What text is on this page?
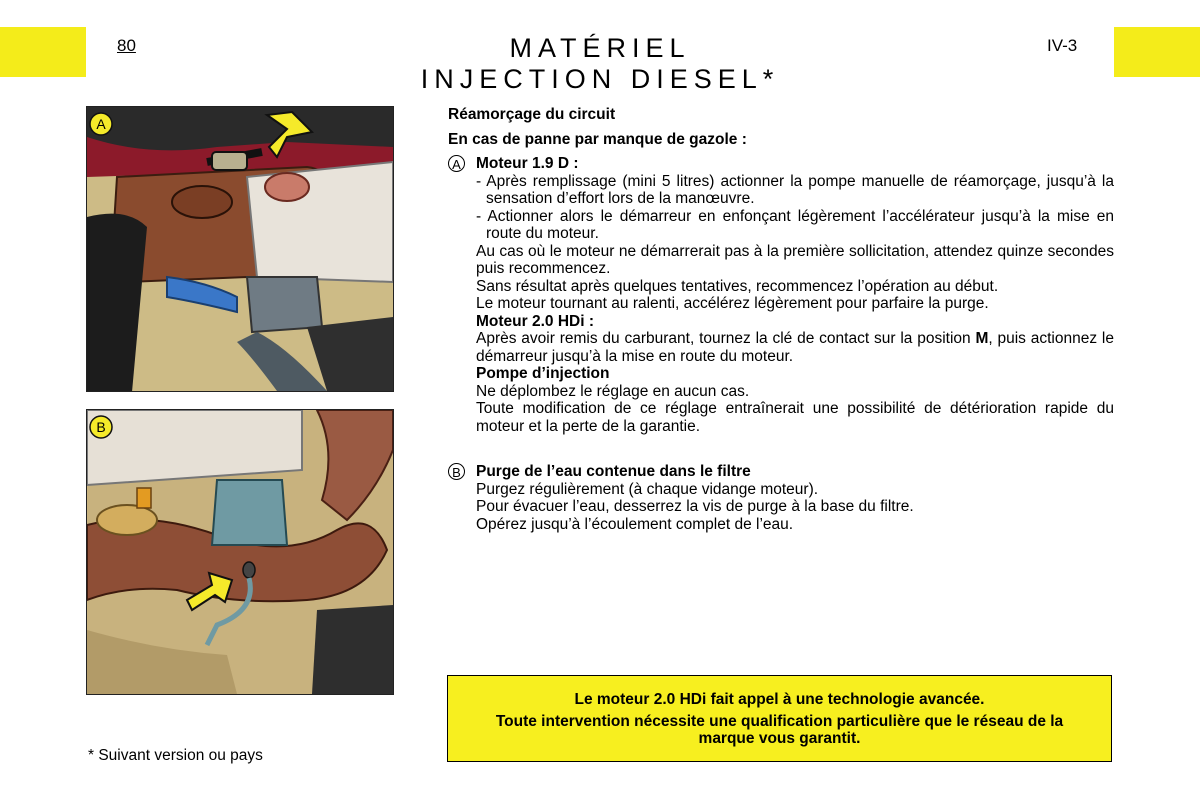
80	IV-3
MATÉRIEL
INJECTION DIESEL*
A
B

Réamorçage du circuit

En cas de panne par manque de gazole :

A Moteur 1.9 D :

- Après remplissage (mini 5 litres) actionner la pompe manuelle de réamorçage, jusqu’à la sensation d’effort lors de la manœuvre.

- Actionner alors le démarreur en enfonçant légèrement l’accélérateur jusqu’à la mise en route du moteur.

Au cas où le moteur ne démarrerait pas à la première sollicitation, attendez quinze secondes puis recommencez.

Sans résultat après quelques tentatives, recommencez l’opération au début.

Le moteur tournant au ralenti, accélérez légèrement pour parfaire la purge.

Moteur 2.0 HDi :

Après avoir remis du carburant, tournez la clé de contact sur la position M, puis actionnez le démarreur jusqu’à la mise en route du moteur.

Pompe d’injection

Ne déplombez le réglage en aucun cas.

Toute modification de ce réglage entraînerait une possibilité de détérioration rapide du moteur et la perte de la garantie.

B Purge de l’eau contenue dans le filtre

Purgez régulièrement (à chaque vidange moteur).

Pour évacuer l’eau, desserrez la vis de purge à la base du filtre.

Opérez jusqu’à l’écoulement complet de l’eau.

Le moteur 2.0 HDi fait appel à une technologie avancée.

Toute intervention nécessite une qualification particulière que le réseau de la marque vous garantit.

* Suivant version ou pays
